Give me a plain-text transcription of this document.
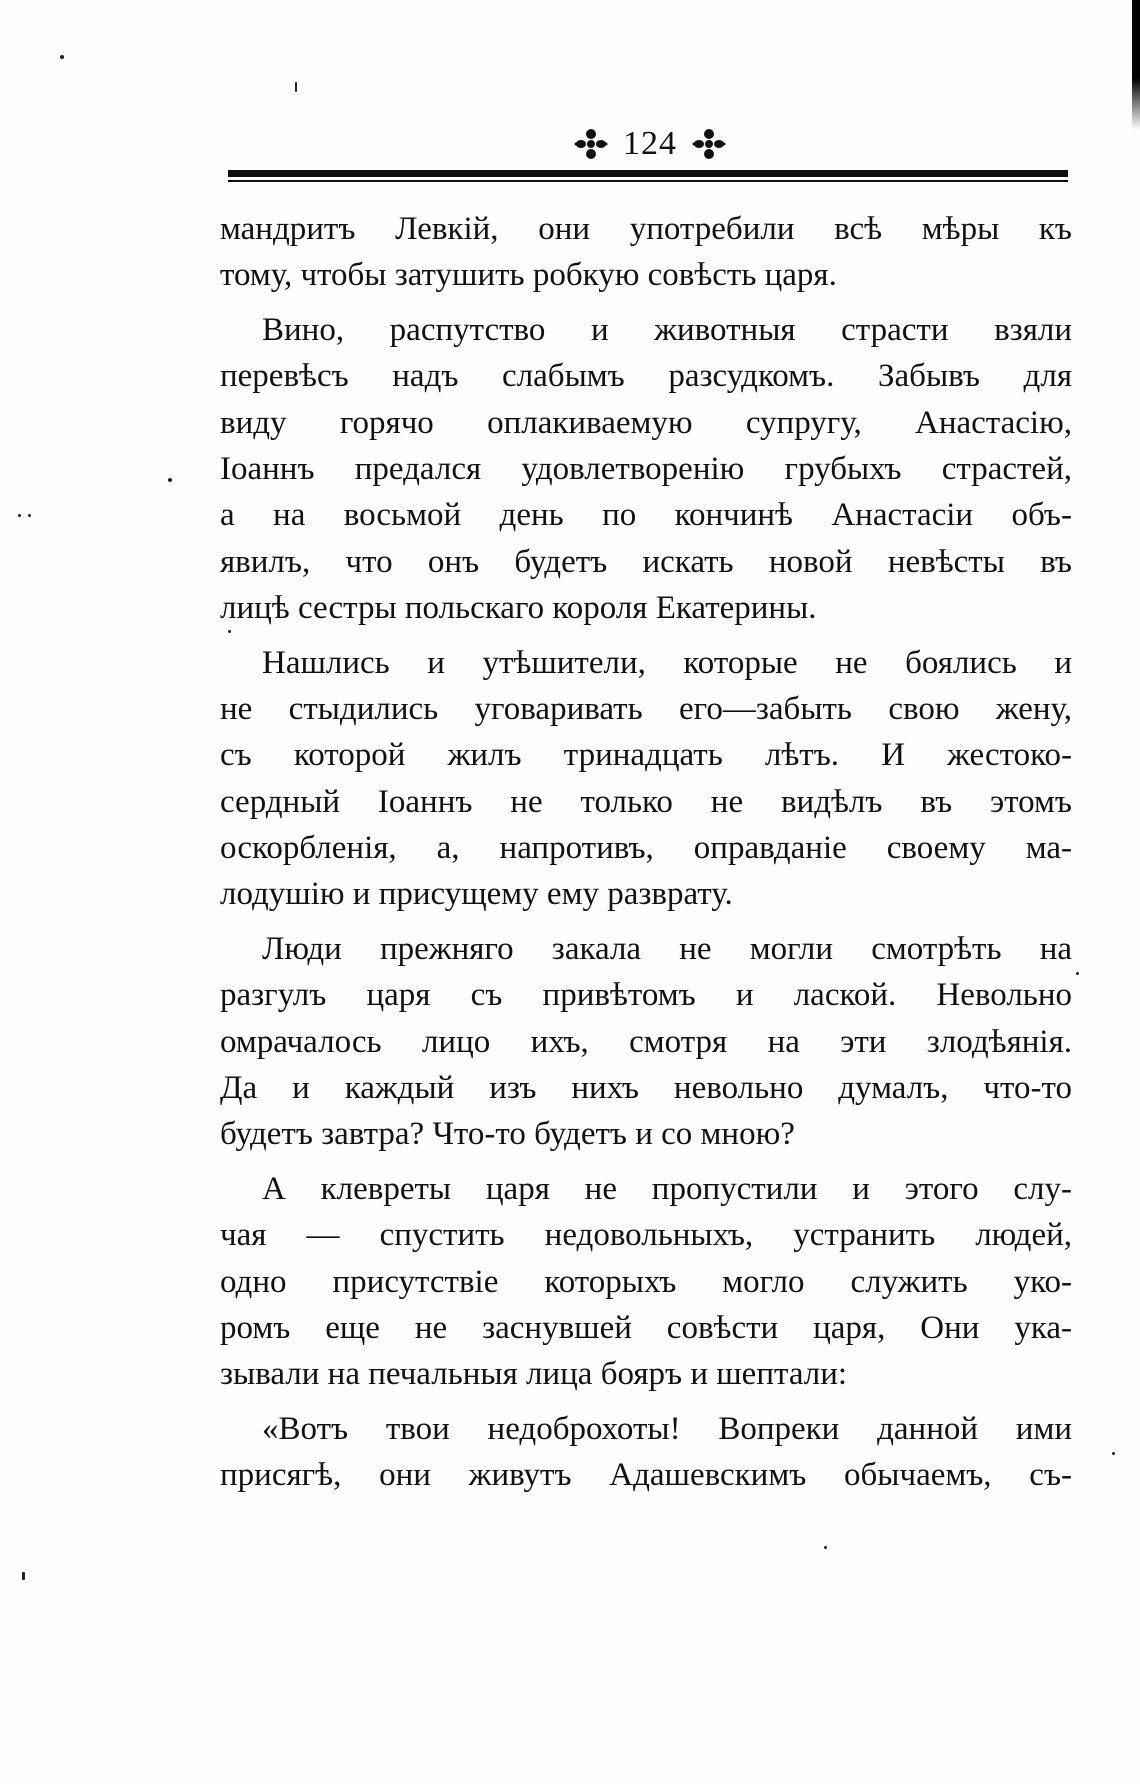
124
мандритъ Левкій, они употребили всѣ мѣры къ
тому, чтобы затушить робкую совѣсть царя.
Вино, распутство и животныя страсти взяли
перевѣсъ надъ слабымъ разсудкомъ. Забывъ для
виду горячо оплакиваемую супругу, Анастасію,
Іоаннъ предался удовлетворенію грубыхъ страстей,
а на восьмой день по кончинѣ Анастасіи объ-
явилъ, что онъ будетъ искать новой невѣсты въ
лицѣ сестры польскаго короля Екатерины.
Нашлись и утѣшители, которые не боялись и
не стыдились уговаривать его—забыть свою жену,
съ которой жилъ тринадцать лѣтъ. И жестоко-
сердный Іоаннъ не только не видѣлъ въ этомъ
оскорбленія, а, напротивъ, оправданіе своему ма-
лодушію и присущему ему разврату.
Люди прежняго закала не могли смотрѣть на
разгулъ царя съ привѣтомъ и лаской. Невольно
омрачалось лицо ихъ, смотря на эти злодѣянія.
Да и каждый изъ нихъ невольно думалъ, что-то
будетъ завтра? Что-то будетъ и со мною?
А клевреты царя не пропустили и этого слу-
чая — спустить недовольныхъ, устранить людей,
одно присутствіе которыхъ могло служить уко-
ромъ еще не заснувшей совѣсти царя, Они ука-
зывали на печальныя лица бояръ и шептали:
«Вотъ твои недоброхоты! Вопреки данной ими
присягѣ, они живутъ Адашевскимъ обычаемъ, съ-
